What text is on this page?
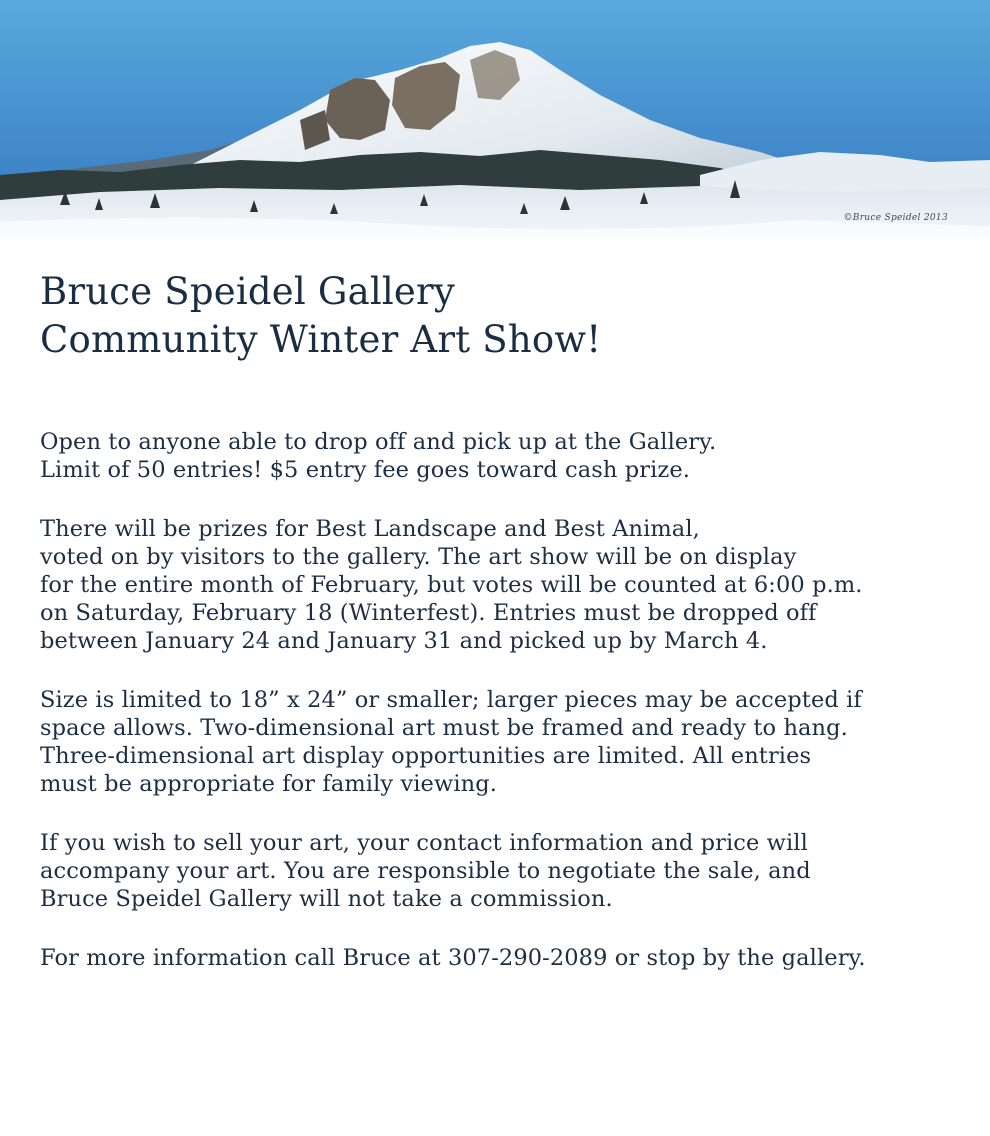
©Bruce Speidel 2013
Bruce Speidel Gallery
Community Winter Art Show!
Open to anyone able to drop off and pick up at the Gallery.
Limit of 50 entries! $5 entry fee goes toward cash prize.
There will be prizes for Best Landscape and Best Animal,
voted on by visitors to the gallery. The art show will be on display
for the entire month of February, but votes will be counted at 6:00 p.m.
on Saturday, February 18 (Winterfest). Entries must be dropped off
between January 24 and January 31 and picked up by March 4.
Size is limited to 18” x 24” or smaller; larger pieces may be accepted if
space allows. Two-dimensional art must be framed and ready to hang.
Three-dimensional art display opportunities are limited. All entries
must be appropriate for family viewing.
If you wish to sell your art, your contact information and price will
accompany your art. You are responsible to negotiate the sale, and
Bruce Speidel Gallery will not take a commission.
For more information call Bruce at 307-290-2089 or stop by the gallery.
